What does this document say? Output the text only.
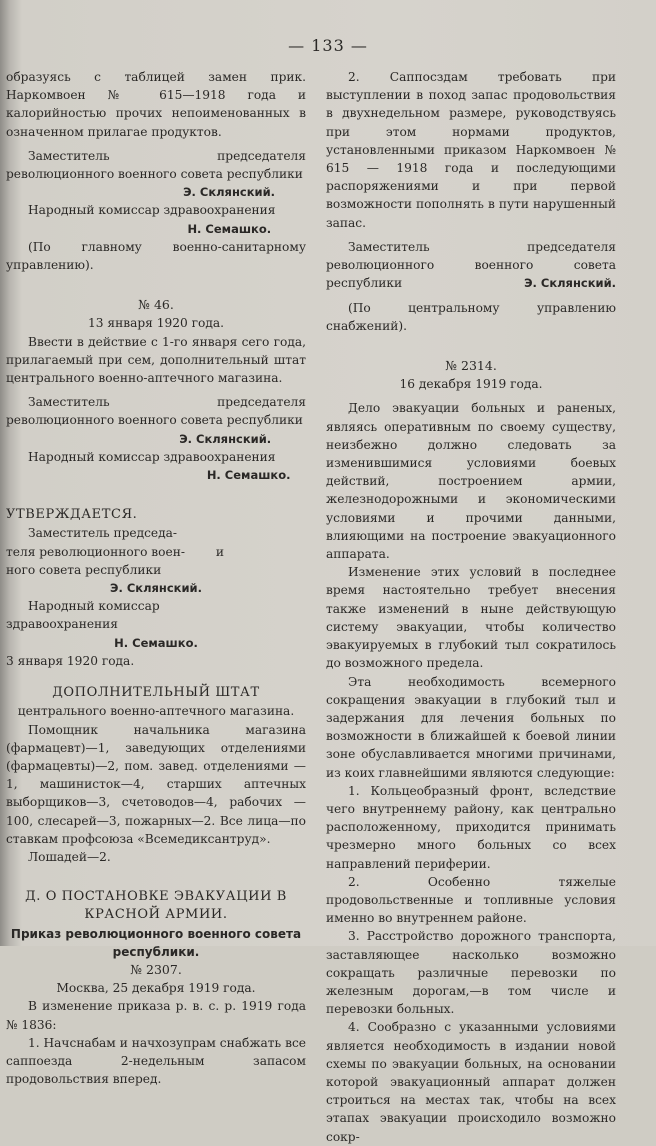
— 133 —

образуясь с таблицей замен прик. Наркомвоен № 615—1918 года и калорийностью прочих непоименованных в означенном прилагае продуктов.

Заместитель председателя революционного военного совета республики

Э. Склянский.

Народный комиссар здравоохранения

Н. Семашко.

(По главному военно-санитарному управлению).

№ 46.

13 января 1920 года.

Ввести в действие с 1-го января сего года, прилагаемый при сем, дополнительный штат центрального военно-аптечного магазина.

Заместитель председателя революционного военного совета республики

Э. Склянский.

Народный комиссар здравоохранения

Н. Семашко.

УТВЕРЖДАЕТСЯ.

Заместитель председа-

теля революционного воен-	и

ного совета республики

Э. Склянский.

Народный комиссар

здравоохранения

Н. Семашко.

3 января 1920 года.

ДОПОЛНИТЕЛЬНЫЙ ШТАТ

центрального военно-аптечного магазина.

Помощник начальника магазина (фармацевт)—1, заведующих отделениями (фармацевты)—2, пом. завед. отделениями — 1, машинисток—4, старших аптечных выборщиков—3, счетоводов—4, рабочих — 100, слесарей—3, пожарных—2. Все лица—по ставкам профсоюза «Всемедиксантруд».

Лошадей—2.

Д. О ПОСТАНОВКЕ ЭВАКУАЦИИ В КРАСНОЙ АРМИИ.

Приказ революционного военного совета республики.

№ 2307.

Москва, 25 декабря 1919 года.

В изменение приказа р. в. с. р. 1919 года № 1836:

1. Начснабам и начхозупрам снабжать все саппоезда 2-недельным запасом продовольствия вперед.

2. Саппосздам требовать при выступлении в поход запас продовольствия в двухнедельном размере, руководствуясь при этом нормами продуктов, установленными приказом Наркомвоен № 615 — 1918 года и последующими распоряжениями и при первой возможности пополнять в пути нарушенный запас.

Заместитель председателя революционного военного совета республики	Э. Склянский.

(По центральному управлению снабжений).

№ 2314.

16 декабря 1919 года.

Дело эвакуации больных и раненых, являясь оперативным по своему существу, неизбежно должно следовать за изменившимися условиями боевых действий, построением армии, железнодорожными и экономическими условиями и прочими данными, влияющими на построение эвакуационного аппарата.

Изменение этих условий в последнее время настоятельно требует внесения также изменений в ныне действующую систему эвакуации, чтобы количество эвакуируемых в глубокий тыл сократилось до возможного предела.

Эта необходимость всемерного сокращения эвакуации в глубокий тыл и задержания для лечения больных по возможности в ближайшей к боевой линии зоне обуславливается многими причинами, из коих главнейшими являются следующие:

1. Кольцеобразный фронт, вследствие чего внутреннему району, как центрально расположенному, приходится принимать чрезмерно много больных со всех направлений периферии.

2. Особенно тяжелые продовольственные и топливные условия именно во внутреннем районе.

3. Расстройство дорожного транспорта, заставляющее насколько возможно сокращать различные перевозки по железным дорогам,—в том числе и перевозки больных.

4. Сообразно с указанными условиями является необходимость в издании новой схемы по эвакуации больных, на основании которой эвакуационный аппарат должен строиться на местах так, чтобы на всех этапах эвакуации происходило возможно сокр-
